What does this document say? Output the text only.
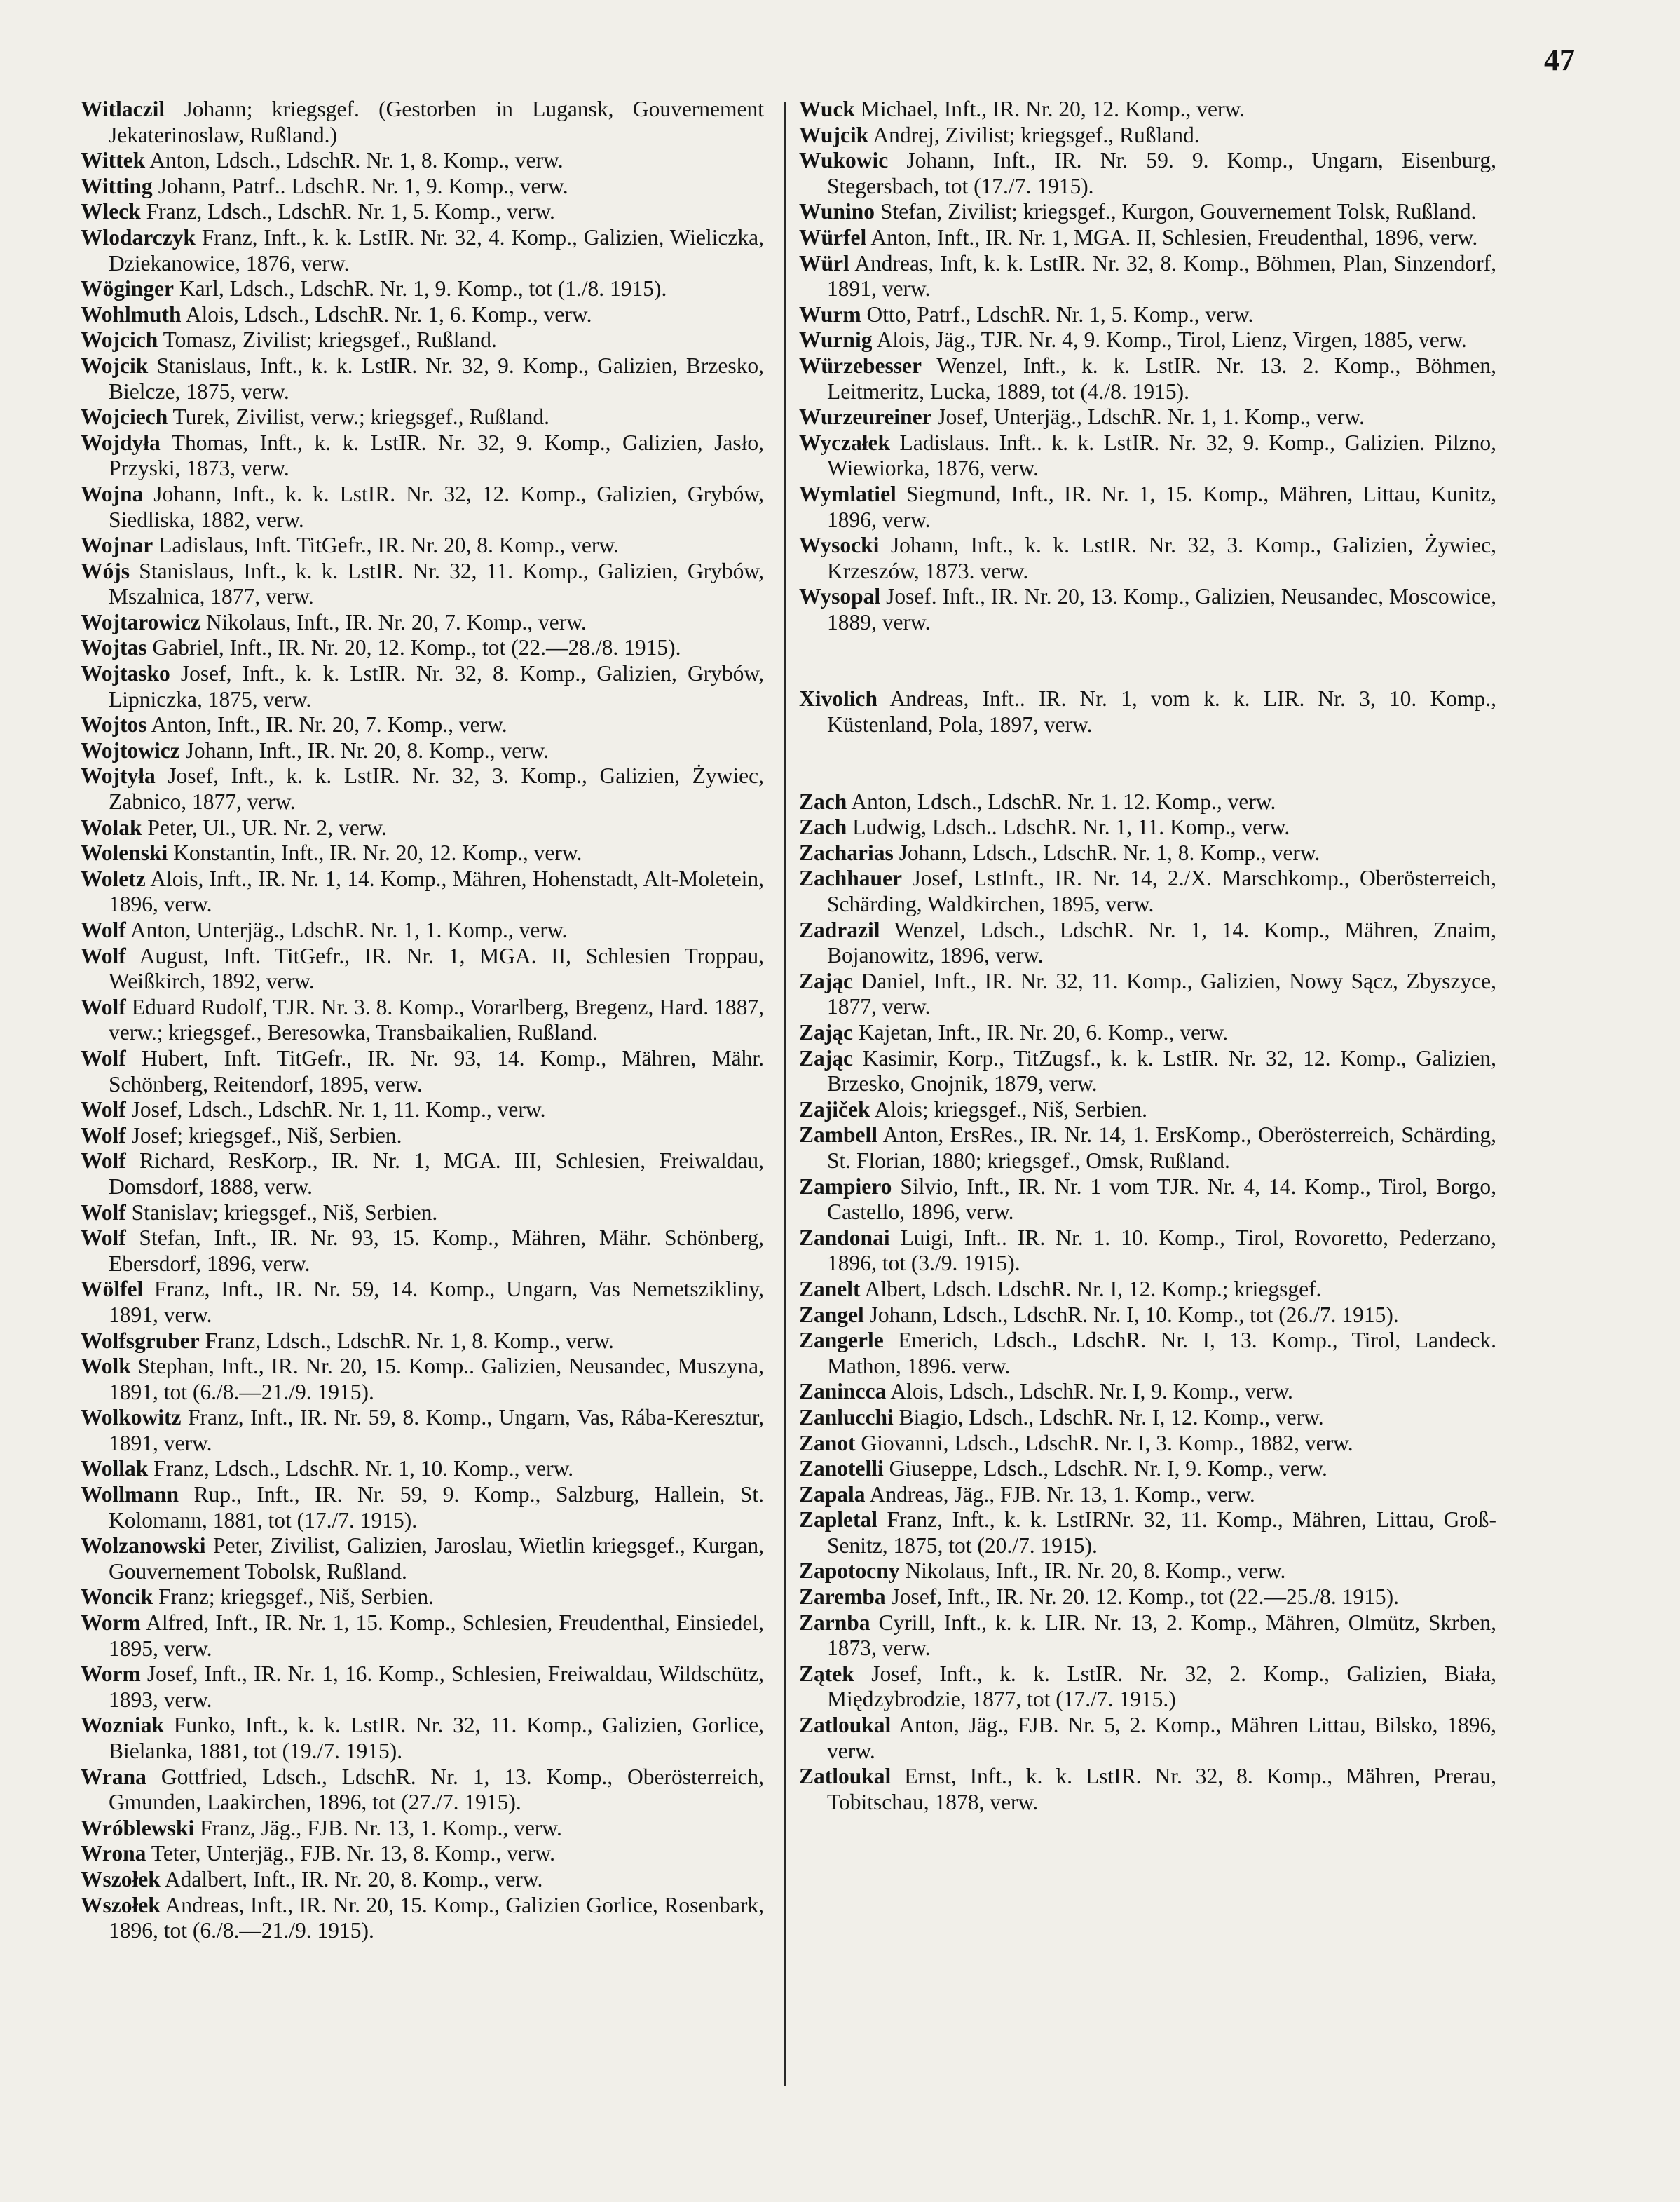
47
Witlaczil Johann; kriegsgef. (Gestorben in Lugansk, Gouvernement Jekaterinoslaw, Rußland.)
Wittek Anton, Ldsch., LdschR. Nr. 1, 8. Komp., verw.
Witting Johann, Patrf.. LdschR. Nr. 1, 9. Komp., verw.
Wleck Franz, Ldsch., LdschR. Nr. 1, 5. Komp., verw.
Wlodarczyk Franz, Inft., k. k. LstIR. Nr. 32, 4. Komp., Galizien, Wieliczka, Dziekanowice, 1876, verw.
Wöginger Karl, Ldsch., LdschR. Nr. 1, 9. Komp., tot (1./8. 1915).
Wohlmuth Alois, Ldsch., LdschR. Nr. 1, 6. Komp., verw.
Wojcich Tomasz, Zivilist; kriegsgef., Rußland.
Wojcik Stanislaus, Inft., k. k. LstIR. Nr. 32, 9. Komp., Galizien, Brzesko, Bielcze, 1875, verw.
Wojciech Turek, Zivilist, verw.; kriegsgef., Rußland.
Wojdyła Thomas, Inft., k. k. LstIR. Nr. 32, 9. Komp., Galizien, Jasło, Przyski, 1873, verw.
Wojna Johann, Inft., k. k. LstIR. Nr. 32, 12. Komp., Galizien, Grybów, Siedliska, 1882, verw.
Wojnar Ladislaus, Inft. TitGefr., IR. Nr. 20, 8. Komp., verw.
Wójs Stanislaus, Inft., k. k. LstIR. Nr. 32, 11. Komp., Galizien, Grybów, Mszalnica, 1877, verw.
Wojtarowicz Nikolaus, Inft., IR. Nr. 20, 7. Komp., verw.
Wojtas Gabriel, Inft., IR. Nr. 20, 12. Komp., tot (22.—28./8. 1915).
Wojtasko Josef, Inft., k. k. LstIR. Nr. 32, 8. Komp., Galizien, Grybów, Lipniczka, 1875, verw.
Wojtos Anton, Inft., IR. Nr. 20, 7. Komp., verw.
Wojtowicz Johann, Inft., IR. Nr. 20, 8. Komp., verw.
Wojtyła Josef, Inft., k. k. LstIR. Nr. 32, 3. Komp., Galizien, Żywiec, Zabnico, 1877, verw.
Wolak Peter, Ul., UR. Nr. 2, verw.
Wolenski Konstantin, Inft., IR. Nr. 20, 12. Komp., verw.
Woletz Alois, Inft., IR. Nr. 1, 14. Komp., Mähren, Hohenstadt, Alt-Moletein, 1896, verw.
Wolf Anton, Unterjäg., LdschR. Nr. 1, 1. Komp., verw.
Wolf August, Inft. TitGefr., IR. Nr. 1, MGA. II, Schlesien Troppau, Weißkirch, 1892, verw.
Wolf Eduard Rudolf, TJR. Nr. 3. 8. Komp., Vorarlberg, Bregenz, Hard. 1887, verw.; kriegsgef., Beresowka, Transbaikalien, Rußland.
Wolf Hubert, Inft. TitGefr., IR. Nr. 93, 14. Komp., Mähren, Mähr. Schönberg, Reitendorf, 1895, verw.
Wolf Josef, Ldsch., LdschR. Nr. 1, 11. Komp., verw.
Wolf Josef; kriegsgef., Niš, Serbien.
Wolf Richard, ResKorp., IR. Nr. 1, MGA. III, Schlesien, Freiwaldau, Domsdorf, 1888, verw.
Wolf Stanislav; kriegsgef., Niš, Serbien.
Wolf Stefan, Inft., IR. Nr. 93, 15. Komp., Mähren, Mähr. Schönberg, Ebersdorf, 1896, verw.
Wölfel Franz, Inft., IR. Nr. 59, 14. Komp., Ungarn, Vas Nemetszikliny, 1891, verw.
Wolfsgruber Franz, Ldsch., LdschR. Nr. 1, 8. Komp., verw.
Wolk Stephan, Inft., IR. Nr. 20, 15. Komp.. Galizien, Neusandec, Muszyna, 1891, tot (6./8.—21./9. 1915).
Wolkowitz Franz, Inft., IR. Nr. 59, 8. Komp., Ungarn, Vas, Rába-Keresztur, 1891, verw.
Wollak Franz, Ldsch., LdschR. Nr. 1, 10. Komp., verw.
Wollmann Rup., Inft., IR. Nr. 59, 9. Komp., Salzburg, Hallein, St. Kolomann, 1881, tot (17./7. 1915).
Wolzanowski Peter, Zivilist, Galizien, Jaroslau, Wietlin kriegsgef., Kurgan, Gouvernement Tobolsk, Rußland.
Woncik Franz; kriegsgef., Niš, Serbien.
Worm Alfred, Inft., IR. Nr. 1, 15. Komp., Schlesien, Freudenthal, Einsiedel, 1895, verw.
Worm Josef, Inft., IR. Nr. 1, 16. Komp., Schlesien, Freiwaldau, Wildschütz, 1893, verw.
Wozniak Funko, Inft., k. k. LstIR. Nr. 32, 11. Komp., Galizien, Gorlice, Bielanka, 1881, tot (19./7. 1915).
Wrana Gottfried, Ldsch., LdschR. Nr. 1, 13. Komp., Oberösterreich, Gmunden, Laakirchen, 1896, tot (27./7. 1915).
Wróblewski Franz, Jäg., FJB. Nr. 13, 1. Komp., verw.
Wrona Teter, Unterjäg., FJB. Nr. 13, 8. Komp., verw.
Wszołek Adalbert, Inft., IR. Nr. 20, 8. Komp., verw.
Wszołek Andreas, Inft., IR. Nr. 20, 15. Komp., Galizien Gorlice, Rosenbark, 1896, tot (6./8.—21./9. 1915).
Wuck Michael, Inft., IR. Nr. 20, 12. Komp., verw.
Wujcik Andrej, Zivilist; kriegsgef., Rußland.
Wukowic Johann, Inft., IR. Nr. 59. 9. Komp., Ungarn, Eisenburg, Stegersbach, tot (17./7. 1915).
Wunino Stefan, Zivilist; kriegsgef., Kurgon, Gouvernement Tolsk, Rußland.
Würfel Anton, Inft., IR. Nr. 1, MGA. II, Schlesien, Freudenthal, 1896, verw.
Würl Andreas, Inft, k. k. LstIR. Nr. 32, 8. Komp., Böhmen, Plan, Sinzendorf, 1891, verw.
Wurm Otto, Patrf., LdschR. Nr. 1, 5. Komp., verw.
Wurnig Alois, Jäg., TJR. Nr. 4, 9. Komp., Tirol, Lienz, Virgen, 1885, verw.
Würzebesser Wenzel, Inft., k. k. LstIR. Nr. 13. 2. Komp., Böhmen, Leitmeritz, Lucka, 1889, tot (4./8. 1915).
Wurzeureiner Josef, Unterjäg., LdschR. Nr. 1, 1. Komp., verw.
Wyczałek Ladislaus. Inft.. k. k. LstIR. Nr. 32, 9. Komp., Galizien. Pilzno, Wiewiorka, 1876, verw.
Wymlatiel Siegmund, Inft., IR. Nr. 1, 15. Komp., Mähren, Littau, Kunitz, 1896, verw.
Wysocki Johann, Inft., k. k. LstIR. Nr. 32, 3. Komp., Galizien, Żywiec, Krzeszów, 1873. verw.
Wysopal Josef. Inft., IR. Nr. 20, 13. Komp., Galizien, Neusandec, Moscowice, 1889, verw.
Xivolich Andreas, Inft.. IR. Nr. 1, vom k. k. LIR. Nr. 3, 10. Komp., Küstenland, Pola, 1897, verw.
Zach Anton, Ldsch., LdschR. Nr. 1. 12. Komp., verw.
Zach Ludwig, Ldsch.. LdschR. Nr. 1, 11. Komp., verw.
Zacharias Johann, Ldsch., LdschR. Nr. 1, 8. Komp., verw.
Zachhauer Josef, LstInft., IR. Nr. 14, 2./X. Marschkomp., Oberösterreich, Schärding, Waldkirchen, 1895, verw.
Zadrazil Wenzel, Ldsch., LdschR. Nr. 1, 14. Komp., Mähren, Znaim, Bojanowitz, 1896, verw.
Zając Daniel, Inft., IR. Nr. 32, 11. Komp., Galizien, Nowy Sącz, Zbyszyce, 1877, verw.
Zając Kajetan, Inft., IR. Nr. 20, 6. Komp., verw.
Zając Kasimir, Korp., TitZugsf., k. k. LstIR. Nr. 32, 12. Komp., Galizien, Brzesko, Gnojnik, 1879, verw.
Zajiček Alois; kriegsgef., Niš, Serbien.
Zambell Anton, ErsRes., IR. Nr. 14, 1. ErsKomp., Oberösterreich, Schärding, St. Florian, 1880; kriegsgef., Omsk, Rußland.
Zampiero Silvio, Inft., IR. Nr. 1 vom TJR. Nr. 4, 14. Komp., Tirol, Borgo, Castello, 1896, verw.
Zandonai Luigi, Inft.. IR. Nr. 1. 10. Komp., Tirol, Rovoretto, Pederzano, 1896, tot (3./9. 1915).
Zanelt Albert, Ldsch. LdschR. Nr. I, 12. Komp.; kriegsgef.
Zangel Johann, Ldsch., LdschR. Nr. I, 10. Komp., tot (26./7. 1915).
Zangerle Emerich, Ldsch., LdschR. Nr. I, 13. Komp., Tirol, Landeck. Mathon, 1896. verw.
Zanincca Alois, Ldsch., LdschR. Nr. I, 9. Komp., verw.
Zanlucchi Biagio, Ldsch., LdschR. Nr. I, 12. Komp., verw.
Zanot Giovanni, Ldsch., LdschR. Nr. I, 3. Komp., 1882, verw.
Zanotelli Giuseppe, Ldsch., LdschR. Nr. I, 9. Komp., verw.
Zapala Andreas, Jäg., FJB. Nr. 13, 1. Komp., verw.
Zapletal Franz, Inft., k. k. LstIRNr. 32, 11. Komp., Mähren, Littau, Groß-Senitz, 1875, tot (20./7. 1915).
Zapotocny Nikolaus, Inft., IR. Nr. 20, 8. Komp., verw.
Zaremba Josef, Inft., IR. Nr. 20. 12. Komp., tot (22.—25./8. 1915).
Zarnba Cyrill, Inft., k. k. LIR. Nr. 13, 2. Komp., Mähren, Olmütz, Skrben, 1873, verw.
Zątek Josef, Inft., k. k. LstIR. Nr. 32, 2. Komp., Galizien, Biała, Międzybrodzie, 1877, tot (17./7. 1915.)
Zatloukal Anton, Jäg., FJB. Nr. 5, 2. Komp., Mähren Littau, Bilsko, 1896, verw.
Zatloukal Ernst, Inft., k. k. LstIR. Nr. 32, 8. Komp., Mähren, Prerau, Tobitschau, 1878, verw.
